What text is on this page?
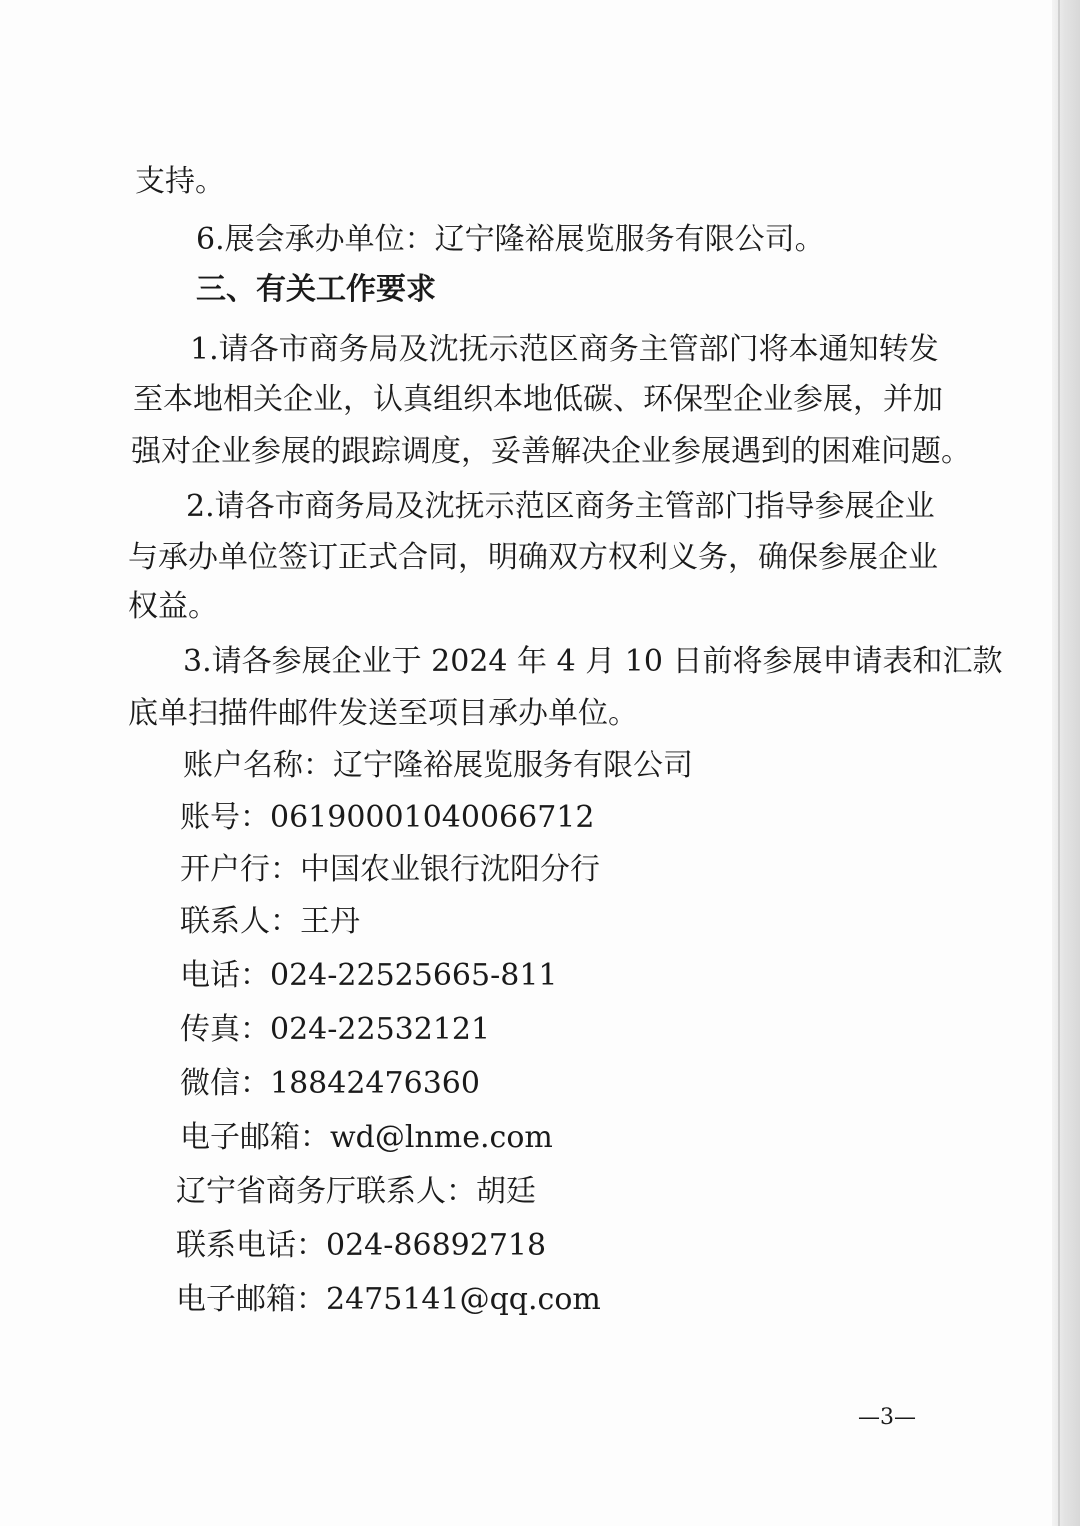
支持。
6.展会承办单位：辽宁隆裕展览服务有限公司。
三、有关工作要求
1.请各市商务局及沈抚示范区商务主管部门将本通知转发
至本地相关企业，认真组织本地低碳、环保型企业参展，并加
强对企业参展的跟踪调度，妥善解决企业参展遇到的困难问题。
2.请各市商务局及沈抚示范区商务主管部门指导参展企业
与承办单位签订正式合同，明确双方权利义务，确保参展企业
权益。
3.请各参展企业于 2024 年 4 月 10 日前将参展申请表和汇款
底单扫描件邮件发送至项目承办单位。
账户名称：辽宁隆裕展览服务有限公司
账号：06190001040066712
开户行：中国农业银行沈阳分行
联系人：王丹
电话：024-22525665-811
传真：024-22532121
微信：18842476360
电子邮箱：wd@lnme.com
辽宁省商务厅联系人：胡廷
联系电话：024-86892718
电子邮箱：2475141@qq.com
—3—
